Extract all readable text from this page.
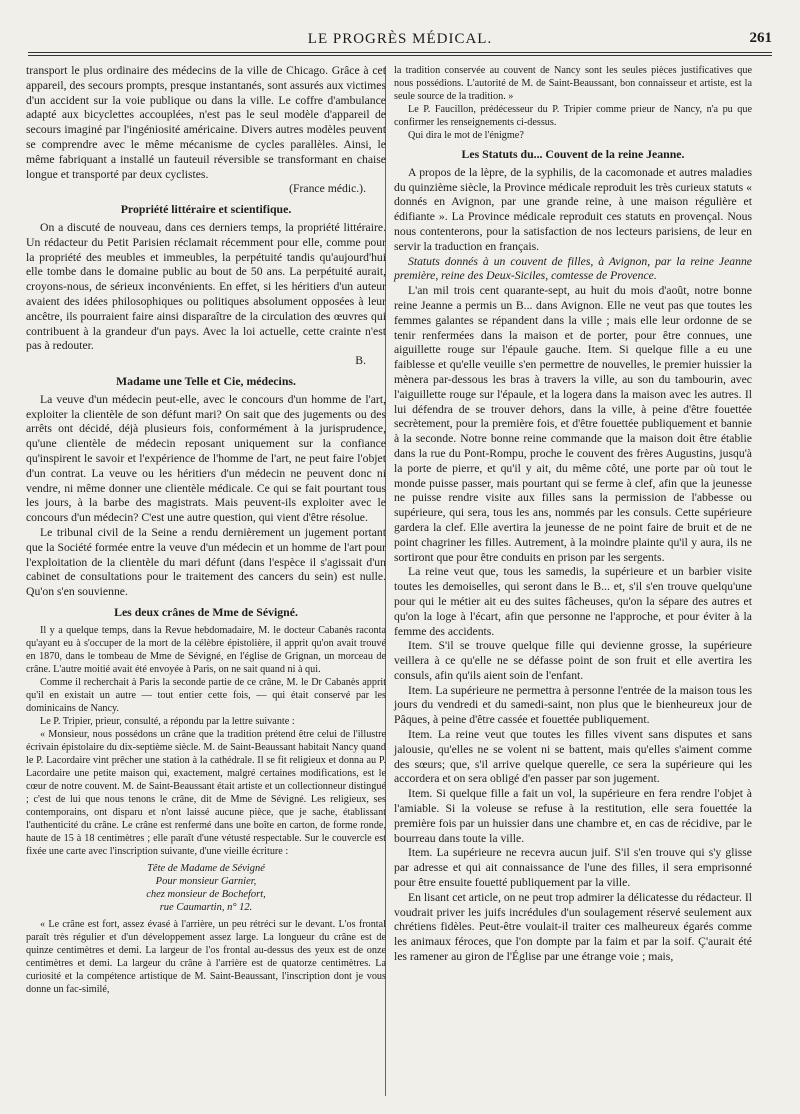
LE PROGRÈS MÉDICAL.	261

transport le plus ordinaire des médecins de la ville de Chicago. Grâce à cet appareil, des secours prompts, presque instantanés, sont assurés aux victimes d'un accident sur la voie publique ou dans la ville. Le coffre d'ambulance adapté aux bicyclettes accouplées, n'est pas le seul modèle d'appareil de secours imaginé par l'ingéniosité américaine. Divers autres modèles peuvent se comprendre avec le même mécanisme de cycles parallèles. Ainsi, le même fabriquant a installé un fauteuil réversible se transformant en chaise longue et transporté par deux cyclistes.

(France médic.).

Propriété littéraire et scientifique.

On a discuté de nouveau, dans ces derniers temps, la propriété littéraire. Un rédacteur du Petit Parisien réclamait récemment pour elle, comme pour la propriété des meubles et immeubles, la perpétuité tandis qu'aujourd'hui elle tombe dans le domaine public au bout de 50 ans. La perpétuité aurait, croyons-nous, de sérieux inconvénients. En effet, si les héritiers d'un auteur avaient des idées philosophiques ou politiques absolument opposées à leur ancêtre, ils pourraient faire ainsi disparaître de la circulation des œuvres qui contribuent à la grandeur d'un pays. Avec la loi actuelle, cette crainte n'est pas à redouter.

B.

Madame une Telle et Cie, médecins.

La veuve d'un médecin peut-elle, avec le concours d'un homme de l'art, exploiter la clientèle de son défunt mari? On sait que des jugements ou des arrêts ont décidé, déjà plusieurs fois, conformément à la jurisprudence, qu'une clientèle de médecin reposant uniquement sur la confiance qu'inspirent le savoir et l'expérience de l'homme de l'art, ne peut faire l'objet d'un contrat. La veuve ou les héritiers d'un médecin ne peuvent donc ni vendre, ni même donner une clientèle médicale. Ce qui se fait pourtant tous les jours, à la barbe des magistrats. Mais peuvent-ils exploiter avec le concours d'un médecin? C'est une autre question, qui vient d'être résolue.

Le tribunal civil de la Seine a rendu dernièrement un jugement portant que la Société formée entre la veuve d'un médecin et un homme de l'art pour l'exploitation de la clientèle du mari défunt (dans l'espèce il s'agissait d'un cabinet de consultations pour le traitement des cancers du sein) est nulle. Qu'on s'en souvienne.

Les deux crânes de Mme de Sévigné.

Il y a quelque temps, dans la Revue hebdomadaire, M. le docteur Cabanès raconta qu'ayant eu à s'occuper de la mort de la célèbre épistolière, il apprit qu'on avait trouvé en 1870, dans le tombeau de Mme de Sévigné, en l'église de Grignan, un morceau de crâne. L'autre moitié avait été envoyée à Paris, on ne sait quand ni à qui.

Comme il recherchait à Paris la seconde partie de ce crâne, M. le Dr Cabanès apprit qu'il en existait un autre — tout entier cette fois, — qui était conservé par les dominicains de Nancy.

Le P. Tripier, prieur, consulté, a répondu par la lettre suivante :

« Monsieur, nous possédons un crâne que la tradition prétend être celui de l'illustre écrivain épistolaire du dix-septième siècle. M. de Saint-Beaussant habitait Nancy quand le P. Lacordaire vint prêcher une station à la cathédrale. Il se fit religieux et donna au P. Lacordaire une petite maison qui, exactement, malgré certaines modifications, est le cœur de notre couvent. M. de Saint-Beaussant était artiste et un collectionneur distingué ; c'est de lui que nous tenons le crâne, dit de Mme de Sévigné. Les religieux, ses contemporains, ont disparu et n'ont laissé aucune pièce, que je sache, établissant l'authenticité du crâne. Le crâne est renfermé dans une boîte en carton, de forme ronde, haute de 15 à 18 centimètres ; elle paraît d'une vétusté respectable. Sur le couvercle est fixée une carte avec l'inscription suivante, d'une vieille écriture :

Tête de Madame de Sévigné
Pour monsieur Garnier,
chez monsieur de Bochefort,
rue Caumartin, n° 12.

« Le crâne est fort, assez évasé à l'arrière, un peu rétréci sur le devant. L'os frontal paraît très régulier et d'un développement assez large. La longueur du crâne est de quinze centimètres et demi. La largeur de l'os frontal au-dessus des yeux est de onze centimètres et demi. La largeur du crâne à l'arrière est de quatorze centimètres. La curiosité et la compétence artistique de M. Saint-Beaussant, l'inscription dont je vous donne un fac-similé,

la tradition conservée au couvent de Nancy sont les seules pièces justificatives que nous possédions. L'autorité de M. de Saint-Beaussant, bon connaisseur et artiste, est la seule source de la tradition. »

Le P. Faucillon, prédécesseur du P. Tripier comme prieur de Nancy, n'a pu que confirmer les renseignements ci-dessus.

Qui dira le mot de l'énigme?

Les Statuts du... Couvent de la reine Jeanne.

A propos de la lèpre, de la syphilis, de la cacomonade et autres maladies du quinzième siècle, la Province médicale reproduit les très curieux statuts « donnés en Avignon, par une grande reine, à une maison régulière et édifiante ». La Province médicale reproduit ces statuts en provençal. Nous nous contenterons, pour la satisfaction de nos lecteurs parisiens, de leur en servir la traduction en français.

Statuts donnés à un couvent de filles, à Avignon, par la reine Jeanne première, reine des Deux-Siciles, comtesse de Provence.

L'an mil trois cent quarante-sept, au huit du mois d'août, notre bonne reine Jeanne a permis un B... dans Avignon. Elle ne veut pas que toutes les femmes galantes se répandent dans la ville ; mais elle leur ordonne de se tenir renfermées dans la maison et de porter, pour être connues, une aiguillette rouge sur l'épaule gauche. Item. Si quelque fille a eu une faiblesse et qu'elle veuille s'en permettre de nouvelles, le premier huissier la mènera par-dessous les bras à travers la ville, au son du tambourin, avec l'aiguillette rouge sur l'épaule, et la logera dans la maison avec les autres. Il lui défendra de se trouver dehors, dans la ville, à peine d'être fouettée secrètement, pour la première fois, et d'être fouettée publiquement et bannie à la seconde. Notre bonne reine commande que la maison doit être établie dans la rue du Pont-Rompu, proche le couvent des frères Augustins, jusqu'à la porte de pierre, et qu'il y ait, du même côté, une porte par où tout le monde puisse passer, mais pourtant qui se ferme à clef, afin que la jeunesse ne puisse rendre visite aux filles sans la permission de l'abbesse ou supérieure, qui sera, tous les ans, nommés par les consuls. Cette supérieure gardera la clef. Elle avertira la jeunesse de ne point faire de bruit et de ne point chagriner les filles. Autrement, à la moindre plainte qu'il y aura, ils ne sortiront que pour être conduits en prison par les sergents.

La reine veut que, tous les samedis, la supérieure et un barbier visite toutes les demoiselles, qui seront dans le B... et, s'il s'en trouve quelqu'une pour qui le métier ait eu des suites fâcheuses, qu'on la sépare des autres et qu'on la loge à l'écart, afin que personne ne l'approche, et pour éviter à la femme des accidents.

Item. S'il se trouve quelque fille qui devienne grosse, la supérieure veillera à ce qu'elle ne se défasse point de son fruit et elle avertira les consuls, afin qu'ils aient soin de l'enfant.

Item. La supérieure ne permettra à personne l'entrée de la maison tous les jours du vendredi et du samedi-saint, non plus que le bienheureux jour de Pâques, à peine d'être cassée et fouettée publiquement.

Item. La reine veut que toutes les filles vivent sans disputes et sans jalousie, qu'elles ne se volent ni se battent, mais qu'elles s'aiment comme des sœurs; que, s'il arrive quelque querelle, ce sera la supérieure qui les accordera et on sera obligé d'en passer par son jugement.

Item. Si quelque fille a fait un vol, la supérieure en fera rendre l'objet à l'amiable. Si la voleuse se refuse à la restitution, elle sera fouettée la première fois par un huissier dans une chambre et, en cas de récidive, par le bourreau dans toute la ville.

Item. La supérieure ne recevra aucun juif. S'il s'en trouve qui s'y glisse par adresse et qui ait connaissance de l'une des filles, il sera emprisonné pour être ensuite fouetté publiquement par la ville.

En lisant cet article, on ne peut trop admirer la délicatesse du rédacteur. Il voudrait priver les juifs incrédules d'un soulagement réservé seulement aux chrétiens fidèles. Peut-être voulait-il traiter ces malheureux égarés comme les animaux féroces, que l'on dompte par la faim et par la soif. Ç'aurait été les ramener au giron de l'Église par une étrange voie ; mais,
